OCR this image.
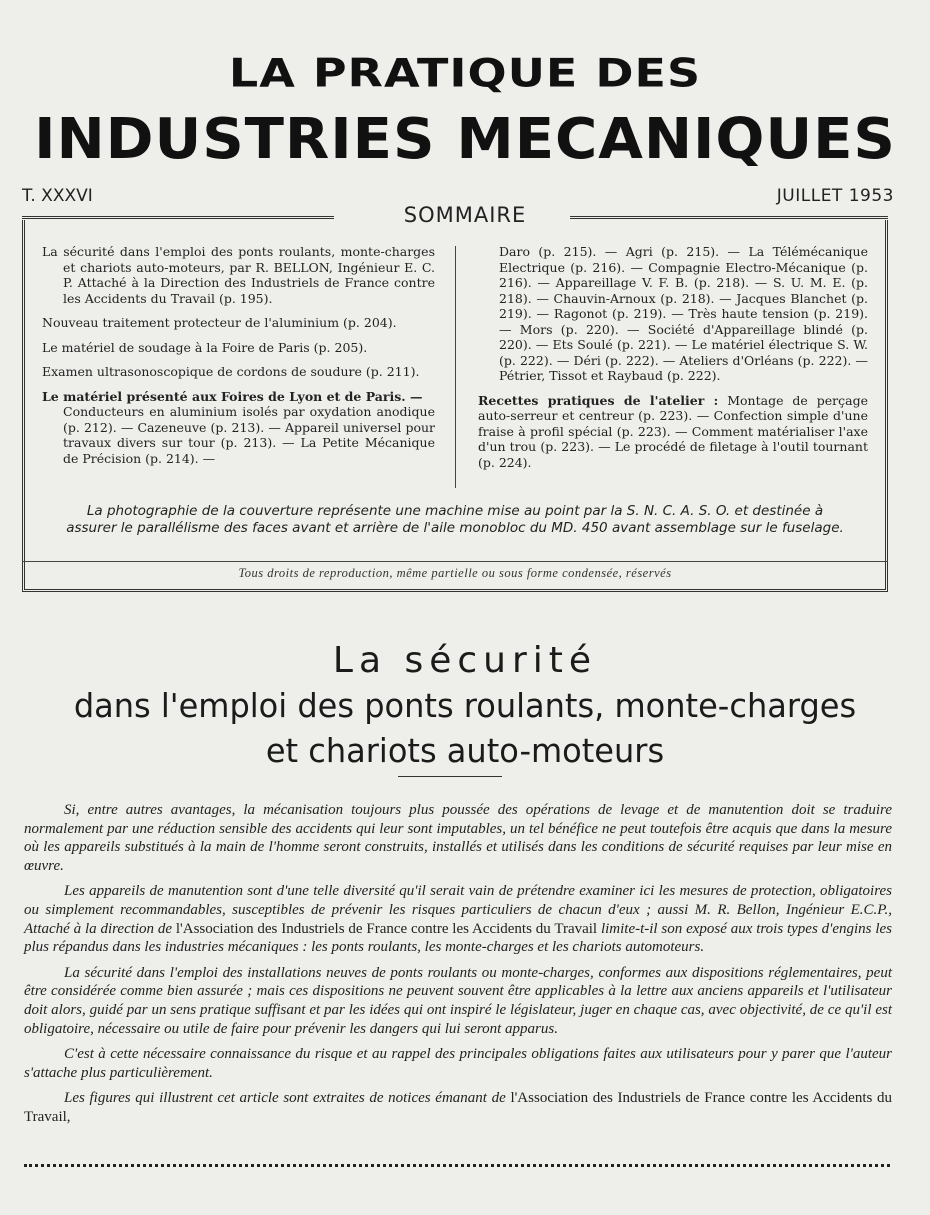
LA PRATIQUE DES
INDUSTRIES MECANIQUES
T. XXXVI	JUILLET 1953
SOMMAIRE
La sécurité dans l'emploi des ponts roulants, monte-charges et chariots auto-moteurs, par R. BELLON, Ingénieur E. C. P. Attaché à la Direction des Industriels de France contre les Accidents du Travail (p. 195).
Nouveau traitement protecteur de l'aluminium (p. 204).
Le matériel de soudage à la Foire de Paris (p. 205).
Examen ultrasonoscopique de cordons de soudure (p. 211).
Le matériel présenté aux Foires de Lyon et de Paris. —
Conducteurs en aluminium isolés par oxydation anodique (p. 212). — Cazeneuve (p. 213). — Appareil universel pour travaux divers sur tour (p. 213). — La Petite Mécanique de Précision (p. 214). —
Daro (p. 215). — Agri (p. 215). — La Télémécanique Electrique (p. 216). — Compagnie Electro-Mécanique (p. 216). — Appareillage V. F. B. (p. 218). — S. U. M. E. (p. 218). — Chauvin-Arnoux (p. 218). — Jacques Blanchet (p. 219). — Ragonot (p. 219). — Très haute tension (p. 219). — Mors (p. 220). — Société d'Appareillage blindé (p. 220). — Ets Soulé (p. 221). — Le matériel électrique S. W. (p. 222). — Déri (p. 222). — Ateliers d'Orléans (p. 222). — Pétrier, Tissot et Raybaud (p. 222).
Recettes pratiques de l'atelier : Montage de perçage auto-serreur et centreur (p. 223). — Confection simple d'une fraise à profil spécial (p. 223). — Comment matérialiser l'axe d'un trou (p. 223). — Le procédé de filetage à l'outil tournant (p. 224).
La photographie de la couverture représente une machine mise au point par la S. N. C. A. S. O. et destinée à assurer le parallélisme des faces avant et arrière de l'aile monobloc du MD. 450 avant assemblage sur le fuselage.
Tous droits de reproduction, même partielle ou sous forme condensée, réservés
La sécurité
dans l'emploi des ponts roulants, monte-charges
et chariots auto-moteurs

Si, entre autres avantages, la mécanisation toujours plus poussée des opérations de levage et de manutention doit se traduire normalement par une réduction sensible des accidents qui leur sont imputables, un tel bénéfice ne peut toutefois être acquis que dans la mesure où les appareils substitués à la main de l'homme seront construits, installés et utilisés dans les conditions de sécurité requises par leur mise en œuvre.

Les appareils de manutention sont d'une telle diversité qu'il serait vain de prétendre examiner ici les mesures de protection, obligatoires ou simplement recommandables, susceptibles de prévenir les risques particuliers de chacun d'eux ; aussi M. R. Bellon, Ingénieur E.C.P., Attaché à la direction de l'Association des Industriels de France contre les Accidents du Travail limite-t-il son exposé aux trois types d'engins les plus répandus dans les industries mécaniques : les ponts roulants, les monte-charges et les chariots automoteurs.

La sécurité dans l'emploi des installations neuves de ponts roulants ou monte-charges, conformes aux dispositions réglementaires, peut être considérée comme bien assurée ; mais ces dispositions ne peuvent souvent être applicables à la lettre aux anciens appareils et l'utilisateur doit alors, guidé par un sens pratique suffisant et par les idées qui ont inspiré le législateur, juger en chaque cas, avec objectivité, de ce qu'il est obligatoire, nécessaire ou utile de faire pour prévenir les dangers qui lui seront apparus.

C'est à cette nécessaire connaissance du risque et au rappel des principales obligations faites aux utilisateurs pour y parer que l'auteur s'attache plus particulièrement.

Les figures qui illustrent cet article sont extraites de notices émanant de l'Association des Industriels de France contre les Accidents du Travail,
